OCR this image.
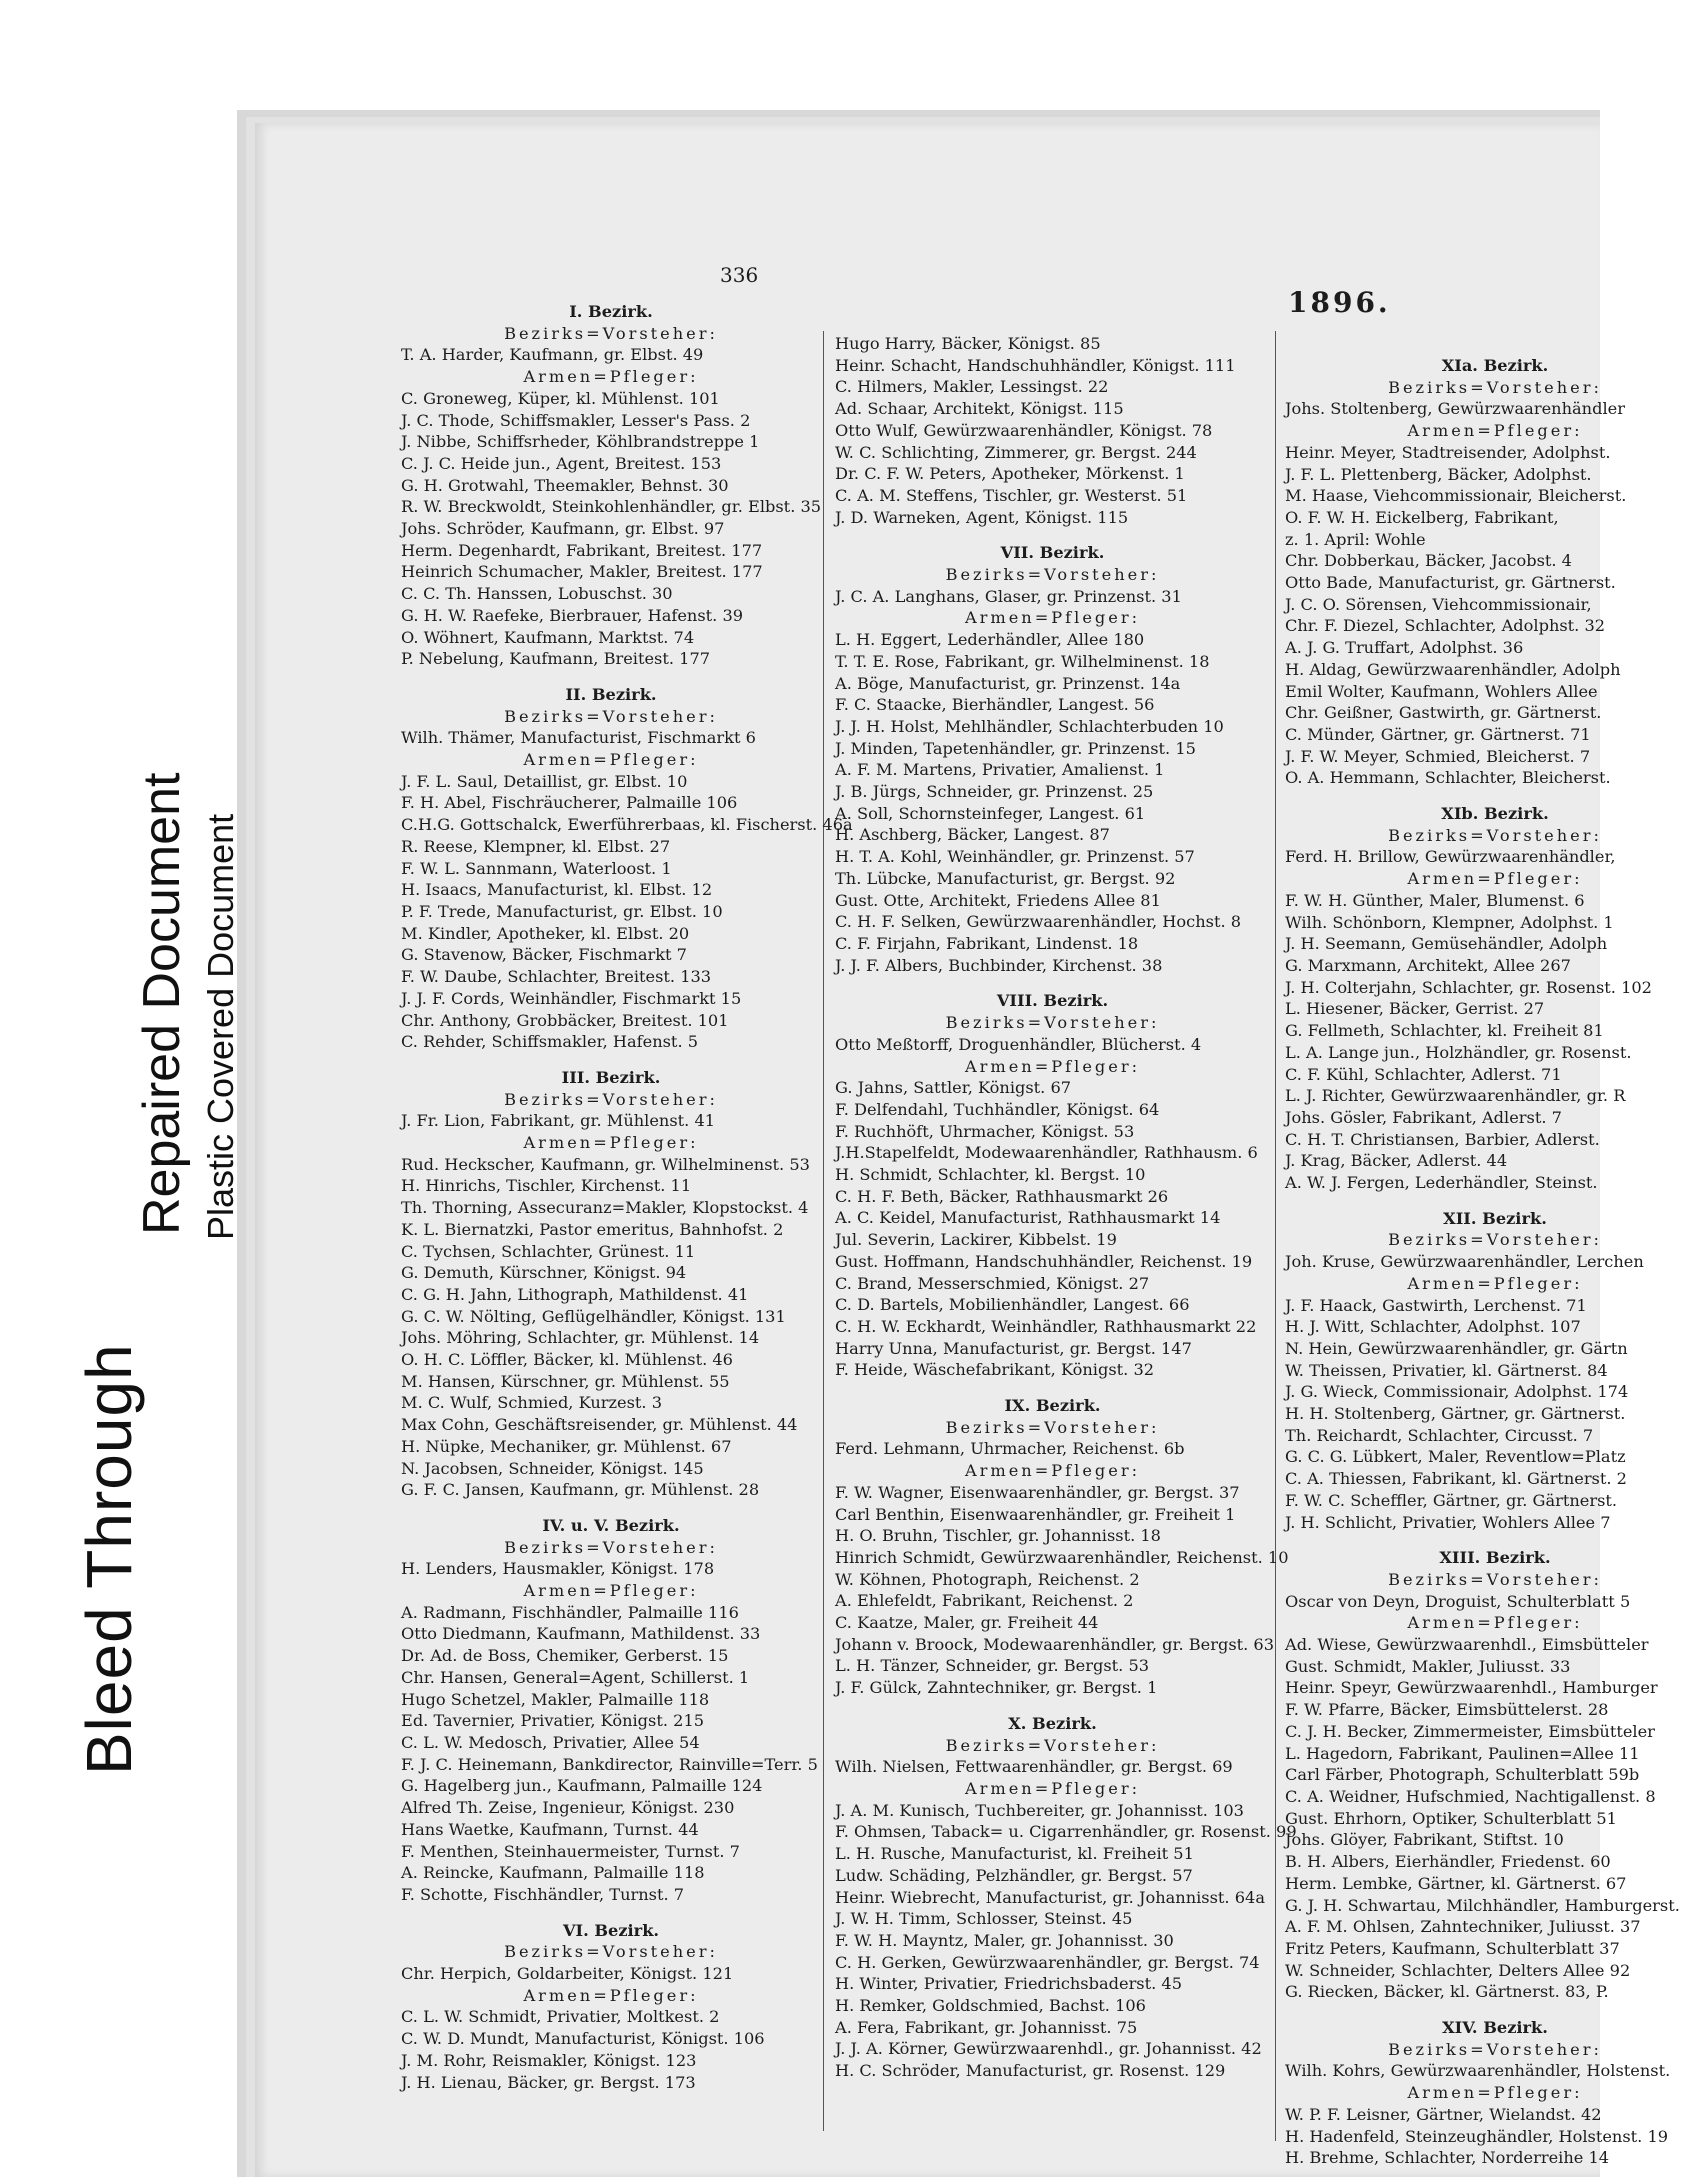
336
1896.
I. Bezirk.
Bezirks=Vorsteher:
T. A. Harder, Kaufmann, gr. Elbst. 49
Armen=Pfleger:
C. Groneweg, Küper, kl. Mühlenst. 101
J. C. Thode, Schiffsmakler, Lesser's Pass. 2
J. Nibbe, Schiffsrheder, Köhlbrandstreppe 1
C. J. C. Heide jun., Agent, Breitest. 153
G. H. Grotwahl, Theemakler, Behnst. 30
R. W. Breckwoldt, Steinkohlenhändler, gr. Elbst. 35
Johs. Schröder, Kaufmann, gr. Elbst. 97
Herm. Degenhardt, Fabrikant, Breitest. 177
Heinrich Schumacher, Makler, Breitest. 177
C. C. Th. Hanssen, Lobuschst. 30
G. H. W. Raefeke, Bierbrauer, Hafenst. 39
O. Wöhnert, Kaufmann, Marktst. 74
P. Nebelung, Kaufmann, Breitest. 177
II. Bezirk.
Bezirks=Vorsteher:
Wilh. Thämer, Manufacturist, Fischmarkt 6
Armen=Pfleger:
J. F. L. Saul, Detaillist, gr. Elbst. 10
F. H. Abel, Fischräucherer, Palmaille 106
C.H.G. Gottschalck, Ewerführerbaas, kl. Fischerst. 46a
R. Reese, Klempner, kl. Elbst. 27
F. W. L. Sannmann, Waterloost. 1
H. Isaacs, Manufacturist, kl. Elbst. 12
P. F. Trede, Manufacturist, gr. Elbst. 10
M. Kindler, Apotheker, kl. Elbst. 20
G. Stavenow, Bäcker, Fischmarkt 7
F. W. Daube, Schlachter, Breitest. 133
J. J. F. Cords, Weinhändler, Fischmarkt 15
Chr. Anthony, Grobbäcker, Breitest. 101
C. Rehder, Schiffsmakler, Hafenst. 5
III. Bezirk.
Bezirks=Vorsteher:
J. Fr. Lion, Fabrikant, gr. Mühlenst. 41
Armen=Pfleger:
Rud. Heckscher, Kaufmann, gr. Wilhelminenst. 53
H. Hinrichs, Tischler, Kirchenst. 11
Th. Thorning, Assecuranz=Makler, Klopstockst. 4
K. L. Biernatzki, Pastor emeritus, Bahnhofst. 2
C. Tychsen, Schlachter, Grünest. 11
G. Demuth, Kürschner, Königst. 94
C. G. H. Jahn, Lithograph, Mathildenst. 41
G. C. W. Nölting, Geflügelhändler, Königst. 131
Johs. Möhring, Schlachter, gr. Mühlenst. 14
O. H. C. Löffler, Bäcker, kl. Mühlenst. 46
M. Hansen, Kürschner, gr. Mühlenst. 55
M. C. Wulf, Schmied, Kurzest. 3
Max Cohn, Geschäftsreisender, gr. Mühlenst. 44
H. Nüpke, Mechaniker, gr. Mühlenst. 67
N. Jacobsen, Schneider, Königst. 145
G. F. C. Jansen, Kaufmann, gr. Mühlenst. 28
IV. u. V. Bezirk.
Bezirks=Vorsteher:
H. Lenders, Hausmakler, Königst. 178
Armen=Pfleger:
A. Radmann, Fischhändler, Palmaille 116
Otto Diedmann, Kaufmann, Mathildenst. 33
Dr. Ad. de Boss, Chemiker, Gerberst. 15
Chr. Hansen, General=Agent, Schillerst. 1
Hugo Schetzel, Makler, Palmaille 118
Ed. Tavernier, Privatier, Königst. 215
C. L. W. Medosch, Privatier, Allee 54
F. J. C. Heinemann, Bankdirector, Rainville=Terr. 5
G. Hagelberg jun., Kaufmann, Palmaille 124
Alfred Th. Zeise, Ingenieur, Königst. 230
Hans Waetke, Kaufmann, Turnst. 44
F. Menthen, Steinhauermeister, Turnst. 7
A. Reincke, Kaufmann, Palmaille 118
F. Schotte, Fischhändler, Turnst. 7
VI. Bezirk.
Bezirks=Vorsteher:
Chr. Herpich, Goldarbeiter, Königst. 121
Armen=Pfleger:
C. L. W. Schmidt, Privatier, Moltkest. 2
C. W. D. Mundt, Manufacturist, Königst. 106
J. M. Rohr, Reismakler, Königst. 123
J. H. Lienau, Bäcker, gr. Bergst. 173
Hugo Harry, Bäcker, Königst. 85
Heinr. Schacht, Handschuhhändler, Königst. 111
C. Hilmers, Makler, Lessingst. 22
Ad. Schaar, Architekt, Königst. 115
Otto Wulf, Gewürzwaarenhändler, Königst. 78
W. C. Schlichting, Zimmerer, gr. Bergst. 244
Dr. C. F. W. Peters, Apotheker, Mörkenst. 1
C. A. M. Steffens, Tischler, gr. Westerst. 51
J. D. Warneken, Agent, Königst. 115
VII. Bezirk.
Bezirks=Vorsteher:
J. C. A. Langhans, Glaser, gr. Prinzenst. 31
Armen=Pfleger:
L. H. Eggert, Lederhändler, Allee 180
T. T. E. Rose, Fabrikant, gr. Wilhelminenst. 18
A. Böge, Manufacturist, gr. Prinzenst. 14a
F. C. Staacke, Bierhändler, Langest. 56
J. J. H. Holst, Mehlhändler, Schlachterbuden 10
J. Minden, Tapetenhändler, gr. Prinzenst. 15
A. F. M. Martens, Privatier, Amalienst. 1
J. B. Jürgs, Schneider, gr. Prinzenst. 25
A. Soll, Schornsteinfeger, Langest. 61
H. Aschberg, Bäcker, Langest. 87
H. T. A. Kohl, Weinhändler, gr. Prinzenst. 57
Th. Lübcke, Manufacturist, gr. Bergst. 92
Gust. Otte, Architekt, Friedens Allee 81
C. H. F. Selken, Gewürzwaarenhändler, Hochst. 8
C. F. Firjahn, Fabrikant, Lindenst. 18
J. J. F. Albers, Buchbinder, Kirchenst. 38
VIII. Bezirk.
Bezirks=Vorsteher:
Otto Meßtorff, Droguenhändler, Blücherst. 4
Armen=Pfleger:
G. Jahns, Sattler, Königst. 67
F. Delfendahl, Tuchhändler, Königst. 64
F. Ruchhöft, Uhrmacher, Königst. 53
J.H.Stapelfeldt, Modewaarenhändler, Rathhausm. 6
H. Schmidt, Schlachter, kl. Bergst. 10
C. H. F. Beth, Bäcker, Rathhausmarkt 26
A. C. Keidel, Manufacturist, Rathhausmarkt 14
Jul. Severin, Lackirer, Kibbelst. 19
Gust. Hoffmann, Handschuhhändler, Reichenst. 19
C. Brand, Messerschmied, Königst. 27
C. D. Bartels, Mobilienhändler, Langest. 66
C. H. W. Eckhardt, Weinhändler, Rathhausmarkt 22
Harry Unna, Manufacturist, gr. Bergst. 147
F. Heide, Wäschefabrikant, Königst. 32
IX. Bezirk.
Bezirks=Vorsteher:
Ferd. Lehmann, Uhrmacher, Reichenst. 6b
Armen=Pfleger:
F. W. Wagner, Eisenwaarenhändler, gr. Bergst. 37
Carl Benthin, Eisenwaarenhändler, gr. Freiheit 1
H. O. Bruhn, Tischler, gr. Johannisst. 18
Hinrich Schmidt, Gewürzwaarenhändler, Reichenst. 10
W. Köhnen, Photograph, Reichenst. 2
A. Ehlefeldt, Fabrikant, Reichenst. 2
C. Kaatze, Maler, gr. Freiheit 44
Johann v. Broock, Modewaarenhändler, gr. Bergst. 63
L. H. Tänzer, Schneider, gr. Bergst. 53
J. F. Gülck, Zahntechniker, gr. Bergst. 1
X. Bezirk.
Bezirks=Vorsteher:
Wilh. Nielsen, Fettwaarenhändler, gr. Bergst. 69
Armen=Pfleger:
J. A. M. Kunisch, Tuchbereiter, gr. Johannisst. 103
F. Ohmsen, Taback= u. Cigarrenhändler, gr. Rosenst. 99
L. H. Rusche, Manufacturist, kl. Freiheit 51
Ludw. Schäding, Pelzhändler, gr. Bergst. 57
Heinr. Wiebrecht, Manufacturist, gr. Johannisst. 64a
J. W. H. Timm, Schlosser, Steinst. 45
F. W. H. Mayntz, Maler, gr. Johannisst. 30
C. H. Gerken, Gewürzwaarenhändler, gr. Bergst. 74
H. Winter, Privatier, Friedrichsbaderst. 45
H. Remker, Goldschmied, Bachst. 106
A. Fera, Fabrikant, gr. Johannisst. 75
J. J. A. Körner, Gewürzwaarenhdl., gr. Johannisst. 42
H. C. Schröder, Manufacturist, gr. Rosenst. 129
XIa. Bezirk.
Bezirks=Vorsteher:
Johs. Stoltenberg, Gewürzwaarenhändler
Armen=Pfleger:
Heinr. Meyer, Stadtreisender, Adolphst.
J. F. L. Plettenberg, Bäcker, Adolphst.
M. Haase, Viehcommissionair, Bleicherst.
O. F. W. H. Eickelberg, Fabrikant,
z. 1. April: Wohle
Chr. Dobberkau, Bäcker, Jacobst. 4
Otto Bade, Manufacturist, gr. Gärtnerst.
J. C. O. Sörensen, Viehcommissionair,
Chr. F. Diezel, Schlachter, Adolphst. 32
A. J. G. Truffart, Adolphst. 36
H. Aldag, Gewürzwaarenhändler, Adolph
Emil Wolter, Kaufmann, Wohlers Allee
Chr. Geißner, Gastwirth, gr. Gärtnerst.
C. Münder, Gärtner, gr. Gärtnerst. 71
J. F. W. Meyer, Schmied, Bleicherst. 7
O. A. Hemmann, Schlachter, Bleicherst.
XIb. Bezirk.
Bezirks=Vorsteher:
Ferd. H. Brillow, Gewürzwaarenhändler,
Armen=Pfleger:
F. W. H. Günther, Maler, Blumenst. 6
Wilh. Schönborn, Klempner, Adolphst. 1
J. H. Seemann, Gemüsehändler, Adolph
G. Marxmann, Architekt, Allee 267
J. H. Colterjahn, Schlachter, gr. Rosenst. 102
L. Hiesener, Bäcker, Gerrist. 27
G. Fellmeth, Schlachter, kl. Freiheit 81
L. A. Lange jun., Holzhändler, gr. Rosenst.
C. F. Kühl, Schlachter, Adlerst. 71
L. J. Richter, Gewürzwaarenhändler, gr. R
Johs. Gösler, Fabrikant, Adlerst. 7
C. H. T. Christiansen, Barbier, Adlerst.
J. Krag, Bäcker, Adlerst. 44
A. W. J. Fergen, Lederhändler, Steinst.
XII. Bezirk.
Bezirks=Vorsteher:
Joh. Kruse, Gewürzwaarenhändler, Lerchen
Armen=Pfleger:
J. F. Haack, Gastwirth, Lerchenst. 71
H. J. Witt, Schlachter, Adolphst. 107
N. Hein, Gewürzwaarenhändler, gr. Gärtn
W. Theissen, Privatier, kl. Gärtnerst. 84
J. G. Wieck, Commissionair, Adolphst. 174
H. H. Stoltenberg, Gärtner, gr. Gärtnerst.
Th. Reichardt, Schlachter, Circusst. 7
G. C. G. Lübkert, Maler, Reventlow=Platz
C. A. Thiessen, Fabrikant, kl. Gärtnerst. 2
F. W. C. Scheffler, Gärtner, gr. Gärtnerst.
J. H. Schlicht, Privatier, Wohlers Allee 7
XIII. Bezirk.
Bezirks=Vorsteher:
Oscar von Deyn, Droguist, Schulterblatt 5
Armen=Pfleger:
Ad. Wiese, Gewürzwaarenhdl., Eimsbütteler
Gust. Schmidt, Makler, Juliusst. 33
Heinr. Speyr, Gewürzwaarenhdl., Hamburger
F. W. Pfarre, Bäcker, Eimsbüttelerst. 28
C. J. H. Becker, Zimmermeister, Eimsbütteler
L. Hagedorn, Fabrikant, Paulinen=Allee 11
Carl Färber, Photograph, Schulterblatt 59b
C. A. Weidner, Hufschmied, Nachtigallenst. 8
Gust. Ehrhorn, Optiker, Schulterblatt 51
Johs. Glöyer, Fabrikant, Stiftst. 10
B. H. Albers, Eierhändler, Friedenst. 60
Herm. Lembke, Gärtner, kl. Gärtnerst. 67
G. J. H. Schwartau, Milchhändler, Hamburgerst.
A. F. M. Ohlsen, Zahntechniker, Juliusst. 37
Fritz Peters, Kaufmann, Schulterblatt 37
W. Schneider, Schlachter, Delters Allee 92
G. Riecken, Bäcker, kl. Gärtnerst. 83, P.
XIV. Bezirk.
Bezirks=Vorsteher:
Wilh. Kohrs, Gewürzwaarenhändler, Holstenst.
Armen=Pfleger:
W. P. F. Leisner, Gärtner, Wielandst. 42
H. Hadenfeld, Steinzeughändler, Holstenst. 19
H. Brehme, Schlachter, Norderreihe 14
Bleed Through
Repaired Document Plastic Covered Document
